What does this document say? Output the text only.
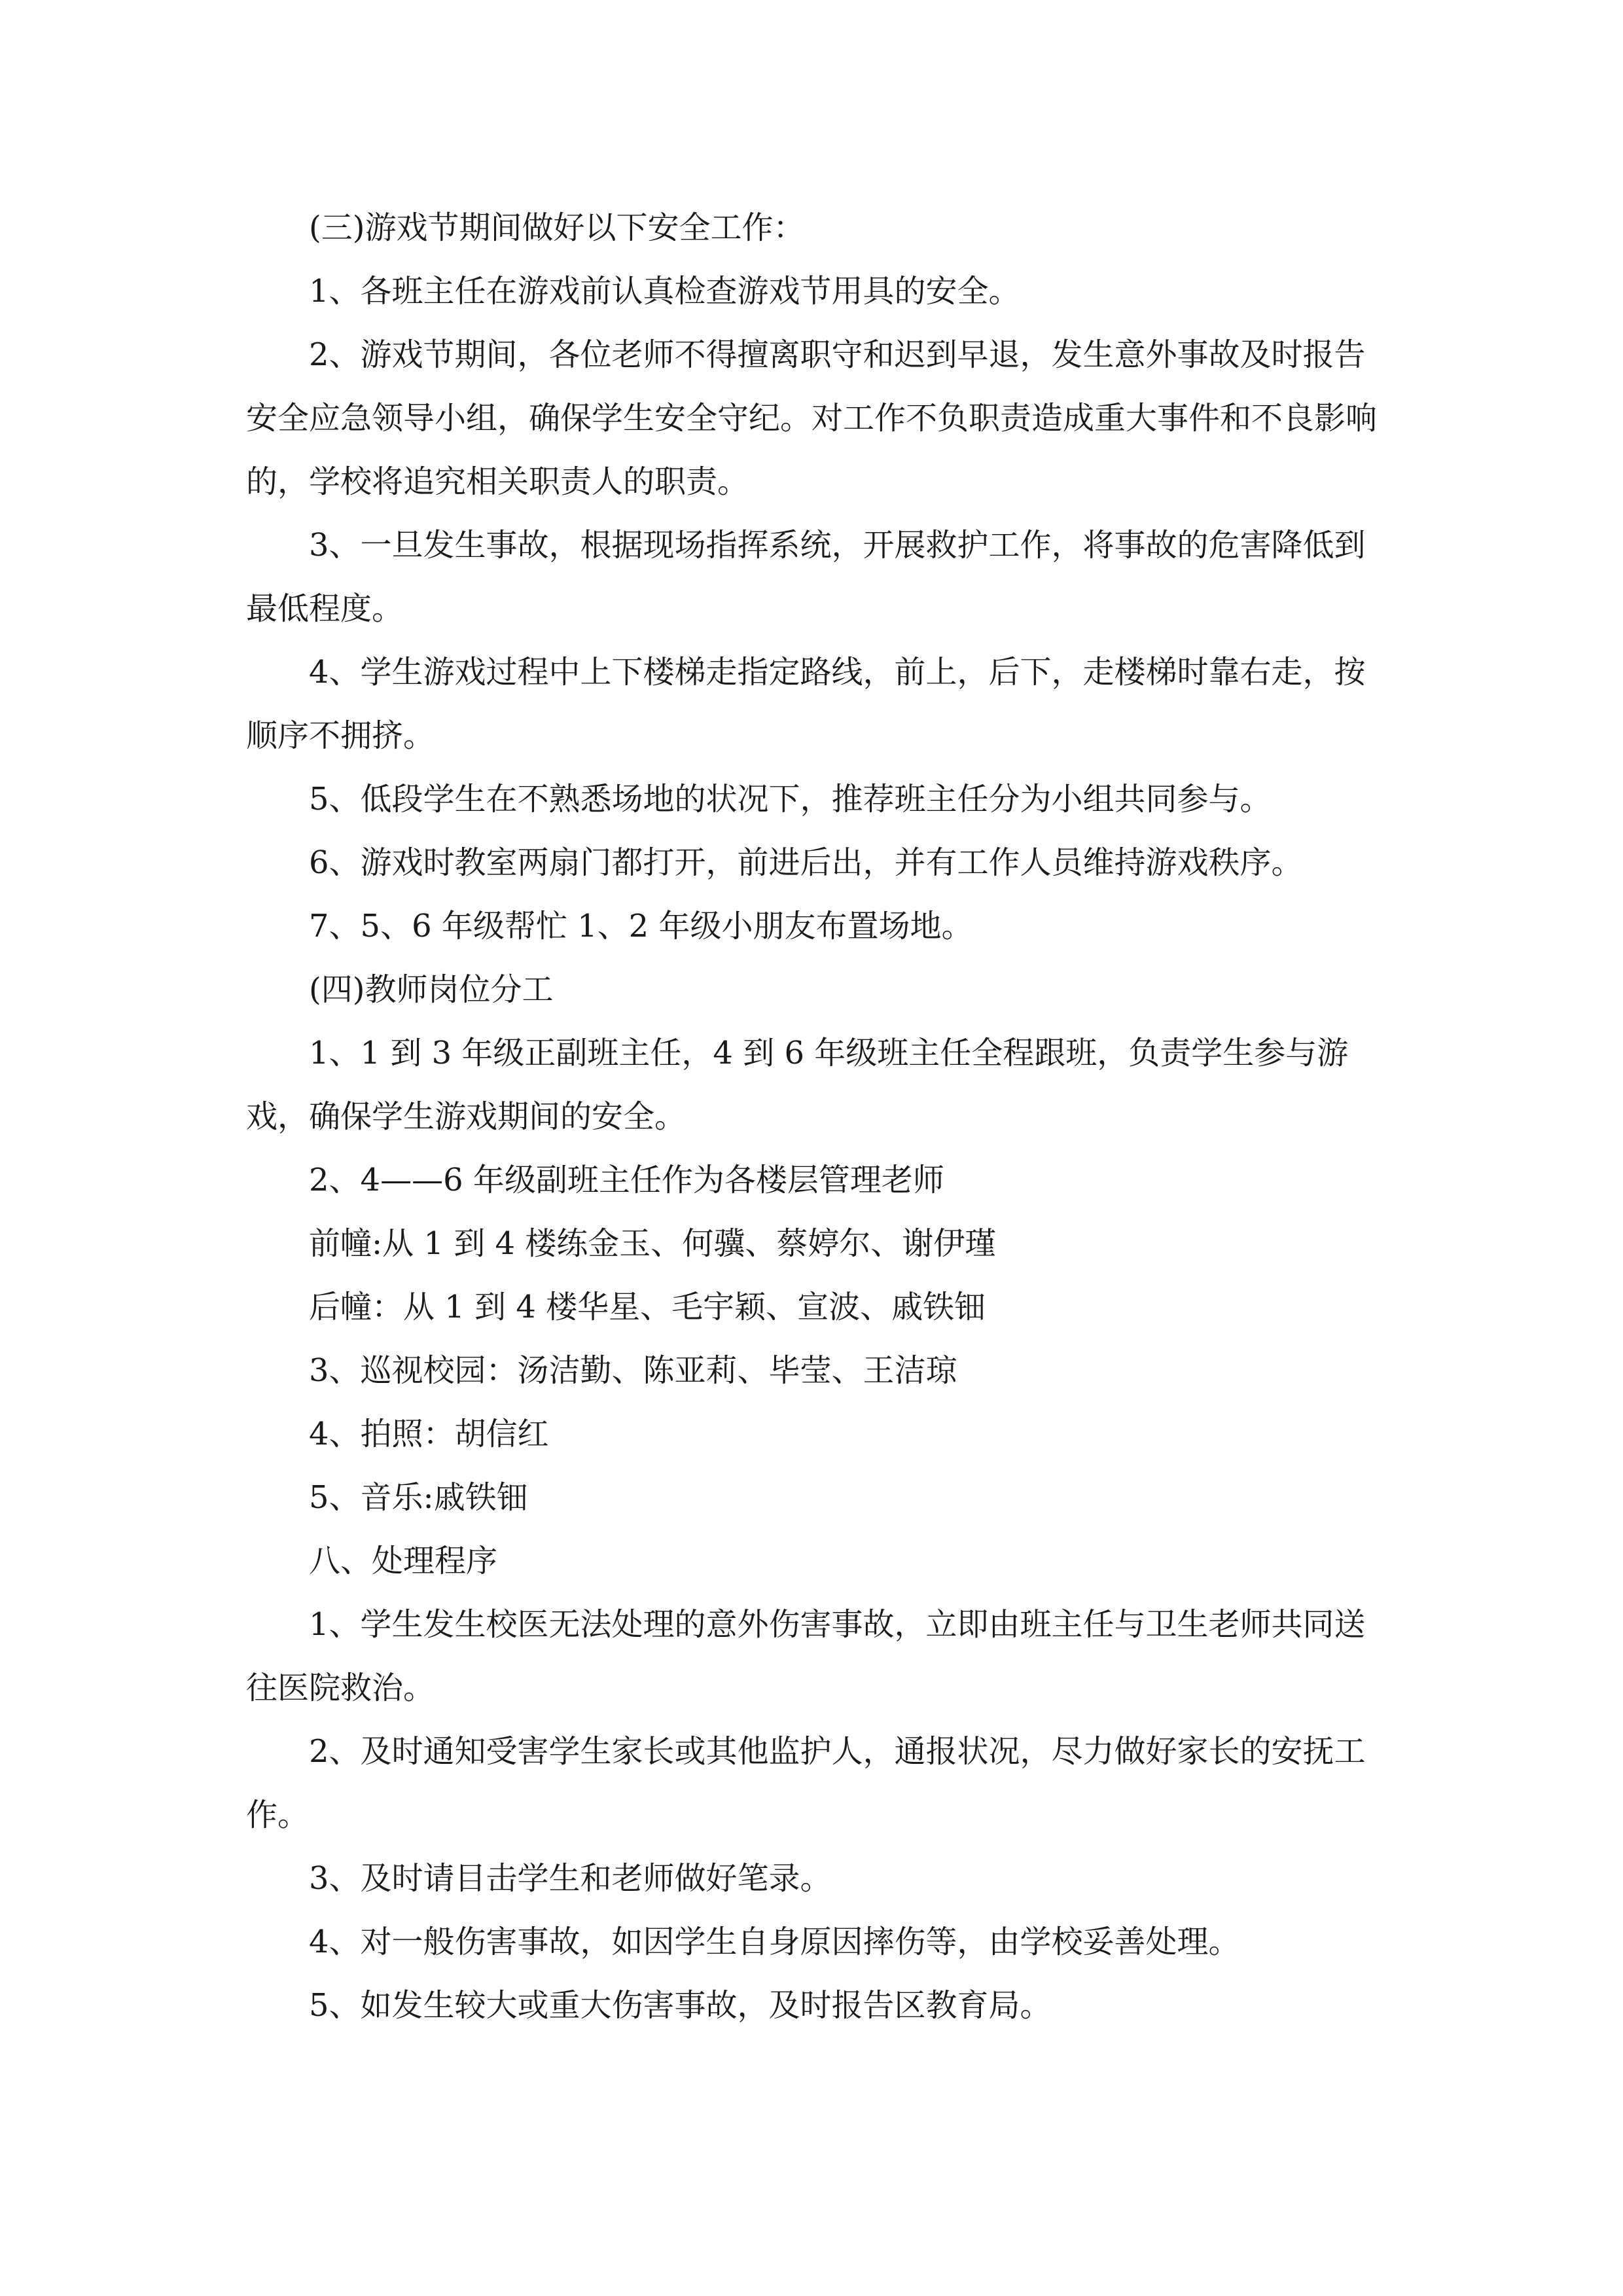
(三)游戏节期间做好以下安全工作：

1、各班主任在游戏前认真检查游戏节用具的安全。

2、游戏节期间，各位老师不得擅离职守和迟到早退，发生意外事故及时报告安全应急领导小组，确保学生安全守纪。对工作不负职责造成重大事件和不良影响的，学校将追究相关职责人的职责。

3、一旦发生事故，根据现场指挥系统，开展救护工作，将事故的危害降低到最低程度。

4、学生游戏过程中上下楼梯走指定路线，前上，后下，走楼梯时靠右走，按顺序不拥挤。

5、低段学生在不熟悉场地的状况下，推荐班主任分为小组共同参与。

6、游戏时教室两扇门都打开，前进后出，并有工作人员维持游戏秩序。

7、5、6 年级帮忙 1、2 年级小朋友布置场地。

(四)教师岗位分工

1、1 到 3 年级正副班主任，4 到 6 年级班主任全程跟班，负责学生参与游戏，确保学生游戏期间的安全。

2、4——6 年级副班主任作为各楼层管理老师

前幢:从 1 到 4 楼练金玉、何骥、蔡婷尔、谢伊瑾

后幢：从 1 到 4 楼华星、毛宇颖、宣波、戚铁钿

3、巡视校园：汤洁勤、陈亚莉、毕莹、王洁琼

4、拍照：胡信红

5、音乐:戚铁钿

八、处理程序

1、学生发生校医无法处理的意外伤害事故，立即由班主任与卫生老师共同送往医院救治。

2、及时通知受害学生家长或其他监护人，通报状况，尽力做好家长的安抚工作。

3、及时请目击学生和老师做好笔录。

4、对一般伤害事故，如因学生自身原因摔伤等，由学校妥善处理。

5、如发生较大或重大伤害事故，及时报告区教育局。
